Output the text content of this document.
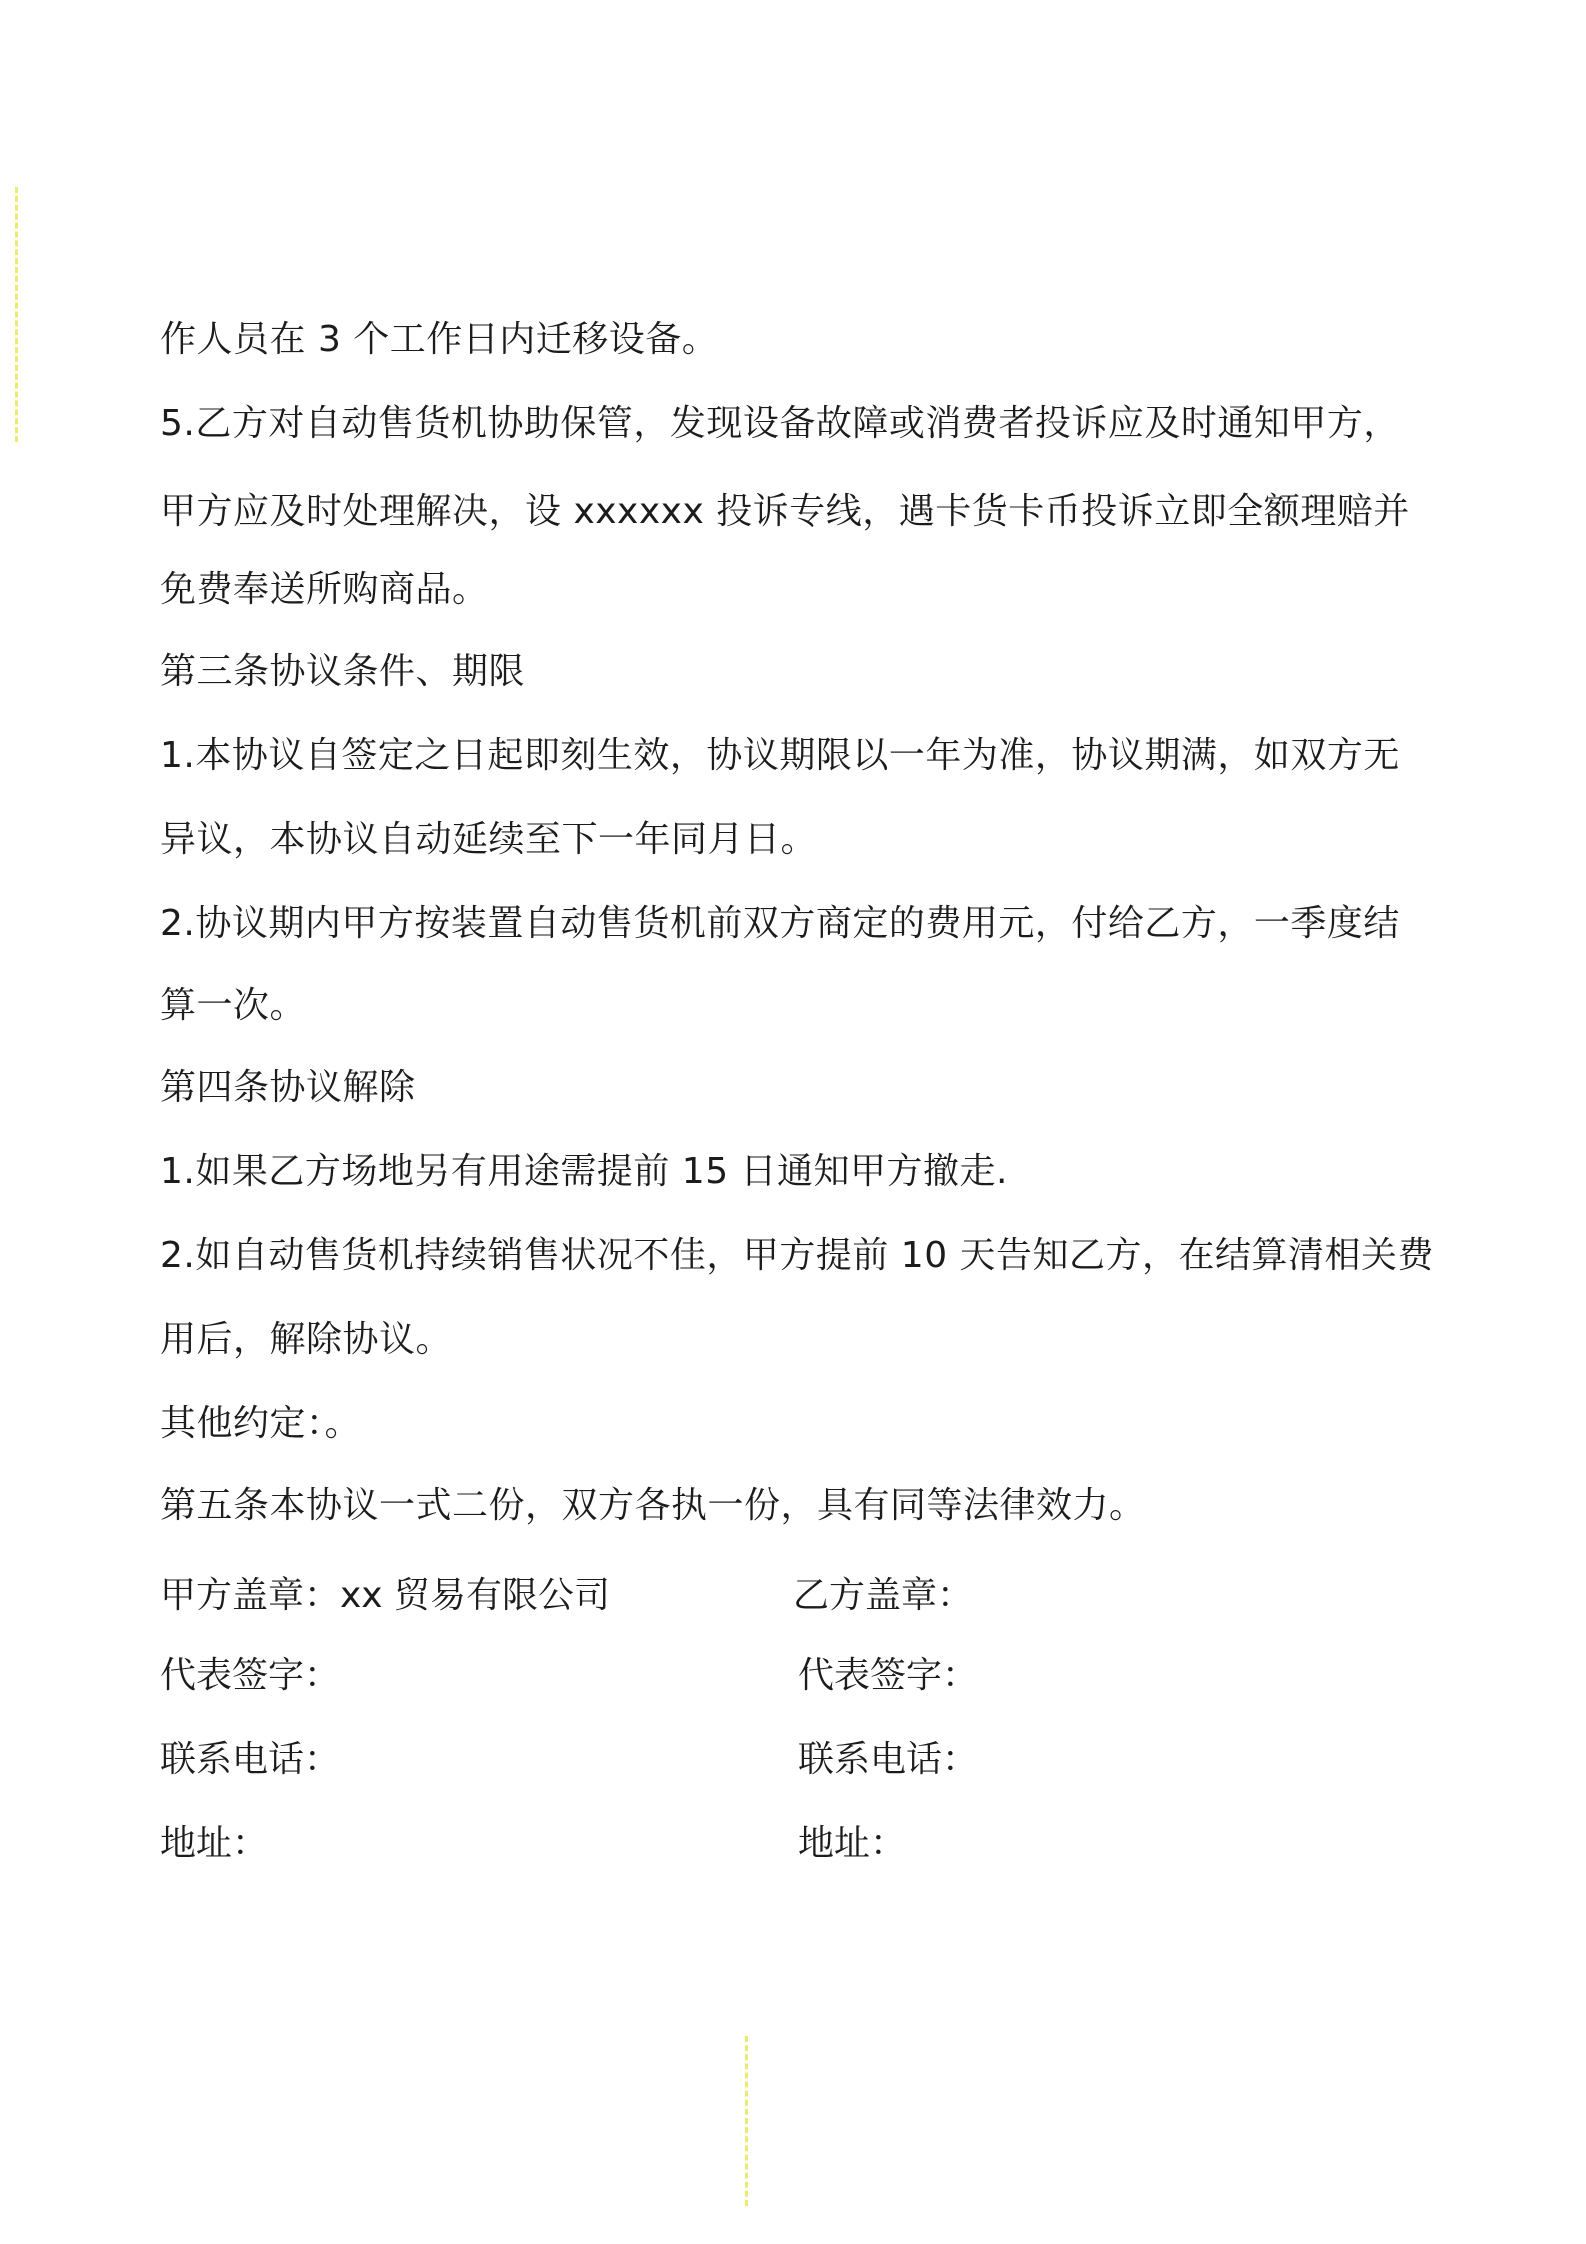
作人员在 3 个工作日内迁移设备。
5.乙方对自动售货机协助保管，发现设备故障或消费者投诉应及时通知甲方，
甲方应及时处理解决，设 xxxxxx 投诉专线，遇卡货卡币投诉立即全额理赔并
免费奉送所购商品。
第三条协议条件、期限
1.本协议自签定之日起即刻生效，协议期限以一年为准，协议期满，如双方无
异议，本协议自动延续至下一年同月日。
2.协议期内甲方按装置自动售货机前双方商定的费用元，付给乙方，一季度结
算一次。
第四条协议解除
1.如果乙方场地另有用途需提前 15 日通知甲方撤走.
2.如自动售货机持续销售状况不佳，甲方提前 10 天告知乙方，在结算清相关费
用后，解除协议。
其他约定：。
第五条本协议一式二份，双方各执一份，具有同等法律效力。
甲方盖章：xx 贸易有限公司	乙方盖章：
代表签字：	代表签字：
联系电话：	联系电话：
地址：	地址：
